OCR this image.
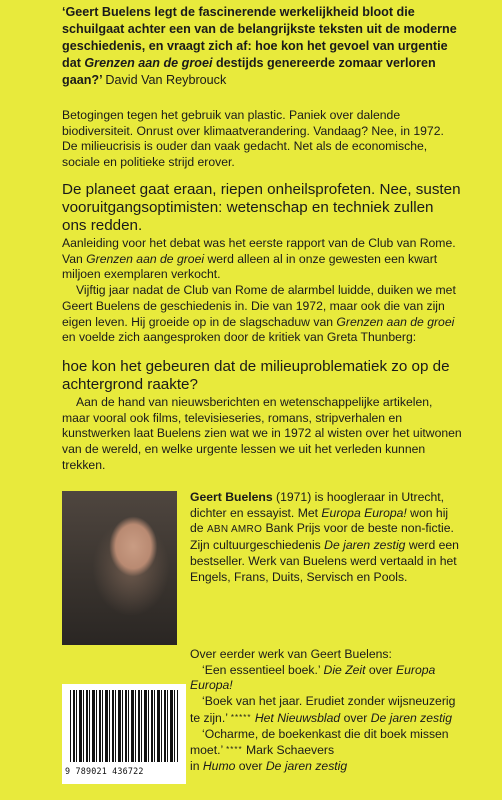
‘Geert Buelens legt de fascinerende werkelijkheid bloot die schuilgaat achter een van de belangrijkste teksten uit de moderne geschiedenis, en vraagt zich af: hoe kon het gevoel van urgentie dat Grenzen aan de groei destijds genereerde zomaar verloren gaan?’ David Van Reybrouck
Betogingen tegen het gebruik van plastic. Paniek over dalende biodiversiteit. Onrust over klimaatverandering. Vandaag? Nee, in 1972. De milieucrisis is ouder dan vaak gedacht. Net als de economische, sociale en politieke strijd erover.
De planeet gaat eraan, riepen onheilsprofeten. Nee, susten vooruitgangsoptimisten: wetenschap en techniek zullen ons redden.

Aanleiding voor het debat was het eerste rapport van de Club van Rome. Van Grenzen aan de groei werd alleen al in onze gewesten een kwart miljoen exemplaren verkocht.

Vijftig jaar nadat de Club van Rome de alarmbel luidde, duiken we met Geert Buelens de geschiedenis in. Die van 1972, maar ook die van zijn eigen leven. Hij groeide op in de slagschaduw van Grenzen aan de groei en voelde zich aangesproken door de kritiek van Greta Thunberg:

hoe kon het gebeuren dat de milieuproblematiek zo op de achtergrond raakte?
Aan de hand van nieuwsberichten en wetenschappelijke artikelen, maar vooral ook films, televisieseries, romans, stripverhalen en kunstwerken laat Buelens zien wat we in 1972 al wisten over het uitwonen van de wereld, en welke urgente lessen we uit het verleden kunnen trekken.
Geert Buelens (1971) is hoogleraar in Utrecht, dichter en essayist. Met Europa Europa! won hij de ABN AMRO Bank Prijs voor de beste non-fictie. Zijn cultuurgeschiedenis De jaren zestig werd een bestseller. Werk van Buelens werd vertaald in het Engels, Frans, Duits, Servisch en Pools.

Over eerder werk van Geert Buelens:

‘Een essentieel boek.’ Die Zeit over Europa Europa!

‘Boek van het jaar. Erudiet zonder wijsneuzerig te zijn.’ ***** Het Nieuwsblad over De jaren zestig

‘Ocharme, de boekenkast die dit boek missen moet.’ **** Mark Schaevers
in Humo over De jaren zestig

9 789021 436722
